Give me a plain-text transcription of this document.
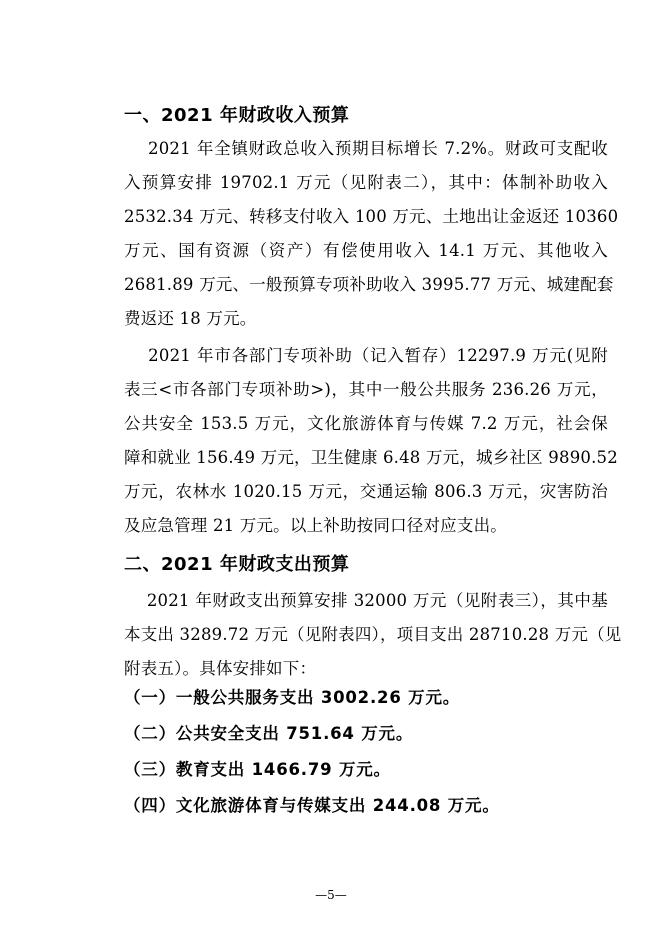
一、2021 年财政收入预算
2021 年全镇财政总收入预期目标增长 7.2%。财政可支配收
入预算安排 19702.1 万元（见附表二），其中：体制补助收入
2532.34 万元、转移支付收入 100 万元、土地出让金返还 10360
万元、国有资源（资产）有偿使用收入 14.1 万元、其他收入
2681.89 万元、一般预算专项补助收入 3995.77 万元、城建配套
费返还 18 万元。
2021 年市各部门专项补助（记入暂存）12297.9 万元(见附
表三<市各部门专项补助>)，其中一般公共服务 236.26 万元，
公共安全 153.5 万元，文化旅游体育与传媒 7.2 万元，社会保
障和就业 156.49 万元，卫生健康 6.48 万元，城乡社区 9890.52
万元，农林水 1020.15 万元，交通运输 806.3 万元，灾害防治
及应急管理 21 万元。以上补助按同口径对应支出。
二、2021 年财政支出预算
2021 年财政支出预算安排 32000 万元（见附表三），其中基
本支出 3289.72 万元（见附表四），项目支出 28710.28 万元（见
附表五）。具体安排如下：
（一）一般公共服务支出 3002.26 万元。
（二）公共安全支出 751.64 万元。
（三）教育支出 1466.79 万元。
（四）文化旅游体育与传媒支出 244.08 万元。
—5—
